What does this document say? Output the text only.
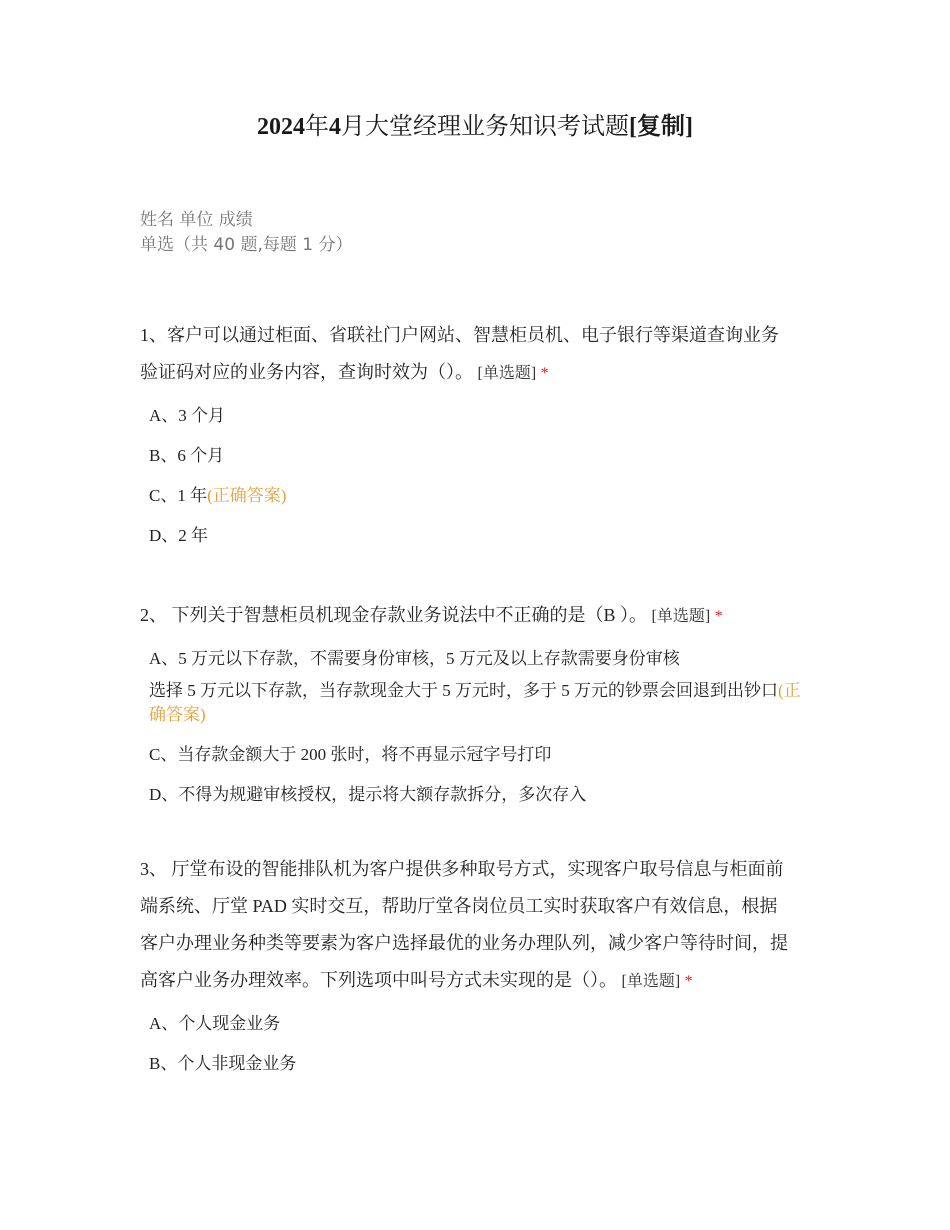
2024年4月大堂经理业务知识考试题[复制]
姓名 单位 成绩
单选（共 40 题,每题 1 分）

1、客户可以通过柜面、省联社门户网站、智慧柜员机、电子银行等渠道查询业务
验证码对应的业务内容，查询时效为（）。 [单选题] *

A、3 个月
B、6 个月
C、1 年(正确答案)
D、2 年

2、 下列关于智慧柜员机现金存款业务说法中不正确的是（B ）。 [单选题] *

A、5 万元以下存款，不需要身份审核，5 万元及以上存款需要身份审核
选择 5 万元以下存款，当存款现金大于 5 万元时，多于 5 万元的钞票会回退到出钞口(正确答案)
C、当存款金额大于 200 张时，将不再显示冠字号打印
D、不得为规避审核授权，提示将大额存款拆分，多次存入

3、 厅堂布设的智能排队机为客户提供多种取号方式，实现客户取号信息与柜面前
端系统、厅堂 PAD 实时交互，帮助厅堂各岗位员工实时获取客户有效信息，根据
客户办理业务种类等要素为客户选择最优的业务办理队列，减少客户等待时间，提
高客户业务办理效率。下列选项中叫号方式未实现的是（）。 [单选题] *

A、个人现金业务
B、个人非现金业务
